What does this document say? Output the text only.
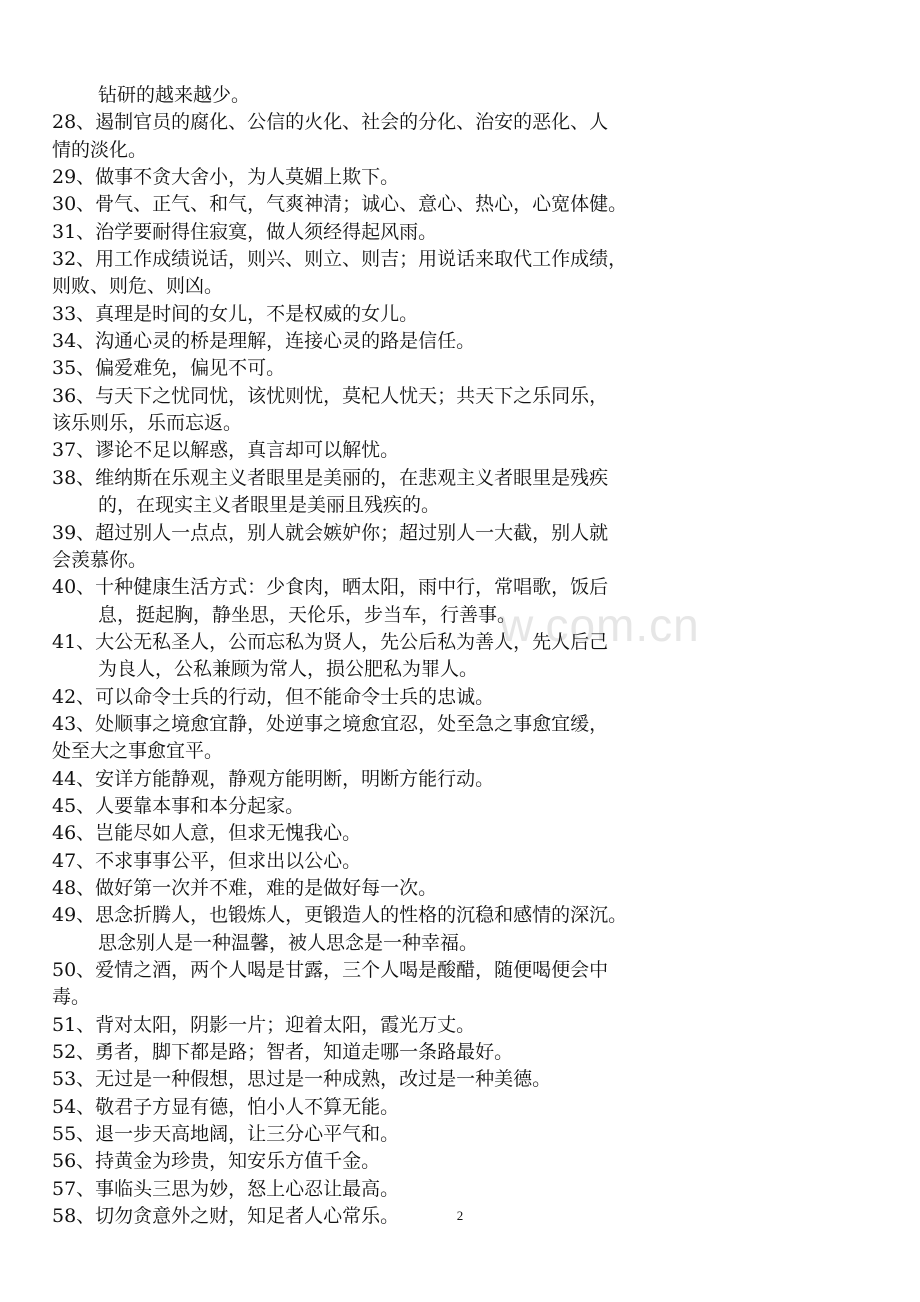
w.com.cn
钻研的越来越少。
28、遏制官员的腐化、公信的火化、社会的分化、治安的恶化、人
情的淡化。
29、做事不贪大舍小，为人莫媚上欺下。
30、骨气、正气、和气，气爽神清；诚心、意心、热心，心宽体健。
31、治学要耐得住寂寞，做人须经得起风雨。
32、用工作成绩说话，则兴、则立、则吉；用说话来取代工作成绩，
则败、则危、则凶。
33、真理是时间的女儿，不是权威的女儿。
34、沟通心灵的桥是理解，连接心灵的路是信任。
35、偏爱难免，偏见不可。
36、与天下之忧同忧，该忧则忧，莫杞人忧天；共天下之乐同乐，
该乐则乐，乐而忘返。
37、谬论不足以解惑，真言却可以解忧。
38、维纳斯在乐观主义者眼里是美丽的，在悲观主义者眼里是残疾
的，在现实主义者眼里是美丽且残疾的。
39、超过别人一点点，别人就会嫉妒你；超过别人一大截，别人就
会羡慕你。
40、十种健康生活方式：少食肉，晒太阳，雨中行，常唱歌，饭后
息，挺起胸，静坐思，天伦乐，步当车，行善事。
41、大公无私圣人，公而忘私为贤人，先公后私为善人，先人后己
为良人，公私兼顾为常人，损公肥私为罪人。
42、可以命令士兵的行动，但不能命令士兵的忠诚。
43、处顺事之境愈宜静，处逆事之境愈宜忍，处至急之事愈宜缓，
处至大之事愈宜平。
44、安详方能静观，静观方能明断，明断方能行动。
45、人要靠本事和本分起家。
46、岂能尽如人意，但求无愧我心。
47、不求事事公平，但求出以公心。
48、做好第一次并不难，难的是做好每一次。
49、思念折腾人，也锻炼人，更锻造人的性格的沉稳和感情的深沉。
思念别人是一种温馨，被人思念是一种幸福。
50、爱情之酒，两个人喝是甘露，三个人喝是酸醋，随便喝便会中
毒。
51、背对太阳，阴影一片；迎着太阳，霞光万丈。
52、勇者，脚下都是路；智者，知道走哪一条路最好。
53、无过是一种假想，思过是一种成熟，改过是一种美德。
54、敬君子方显有德，怕小人不算无能。
55、退一步天高地阔，让三分心平气和。
56、持黄金为珍贵，知安乐方值千金。
57、事临头三思为妙，怒上心忍让最高。
58、切勿贪意外之财，知足者人心常乐。	2
